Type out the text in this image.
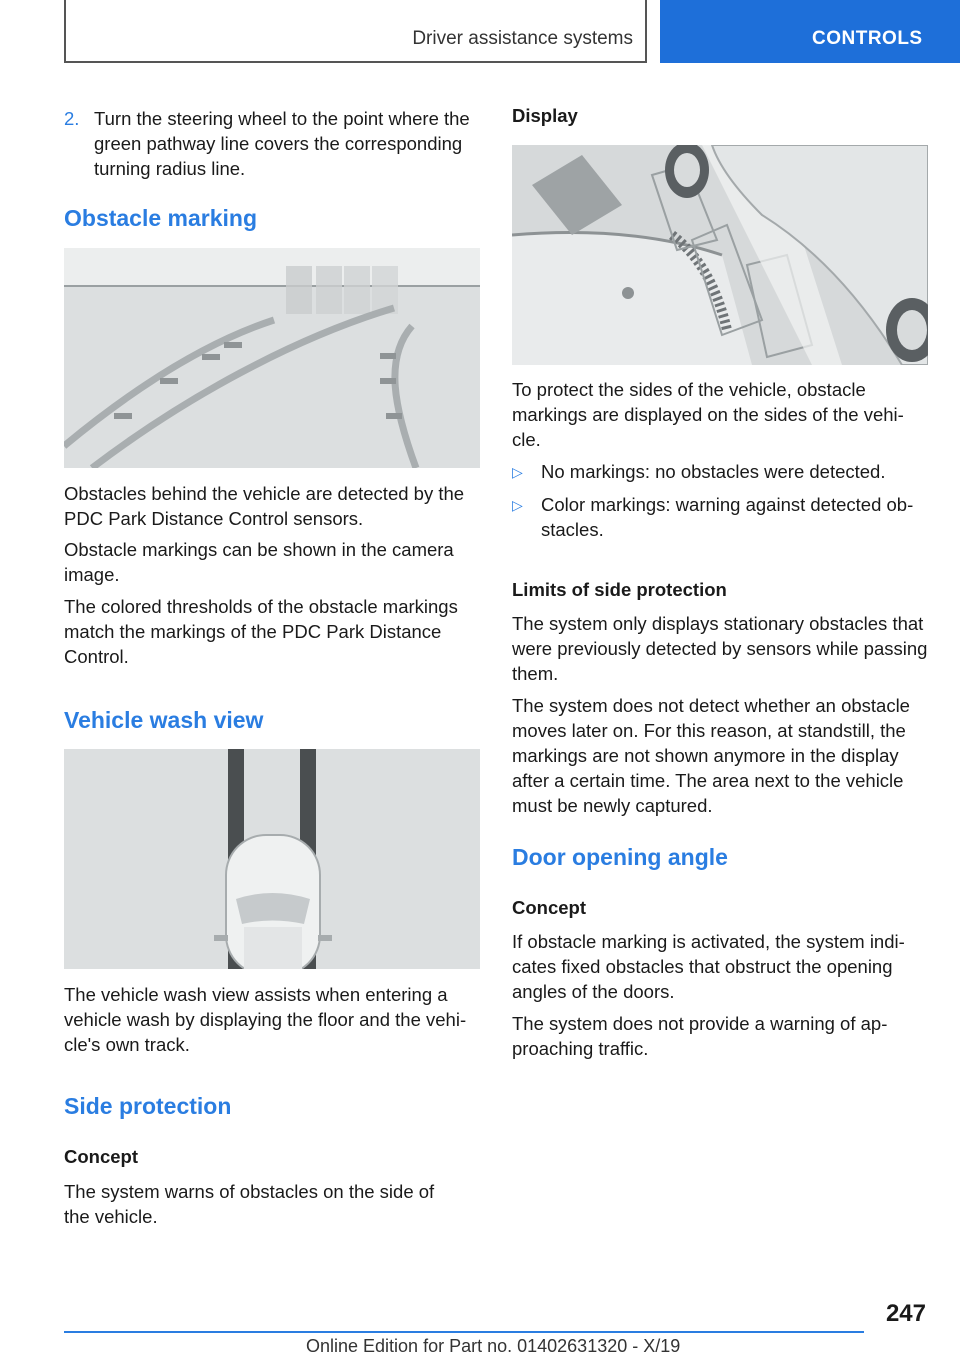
Driver assistance systems	CONTROLS
2. Turn the steering wheel to the point where the green pathway line covers the corresponding turning radius line.
Obstacle marking

Obstacles behind the vehicle are detected by the PDC Park Distance Control sensors.

Obstacle markings can be shown in the camera image.

The colored thresholds of the obstacle markings match the markings of the PDC Park Distance Control.

Vehicle wash view

The vehicle wash view assists when entering a vehicle wash by displaying the floor and the vehicle's own track.

Side protection
Concept

The system warns of obstacles on the side of the vehicle.

Display

To protect the sides of the vehicle, obstacle markings are displayed on the sides of the vehicle.

▷ No markings: no obstacles were detected.
▷ Color markings: warning against detected obstacles.
Limits of side protection

The system only displays stationary obstacles that were previously detected by sensors while passing them.

The system does not detect whether an obstacle moves later on. For this reason, at standstill, the markings are not shown anymore in the display after a certain time. The area next to the vehicle must be newly captured.

Door opening angle
Concept

If obstacle marking is activated, the system indicates fixed obstacles that obstruct the opening angles of the doors.

The system does not provide a warning of approaching traffic.

247
Online Edition for Part no. 01402631320 - X/19
